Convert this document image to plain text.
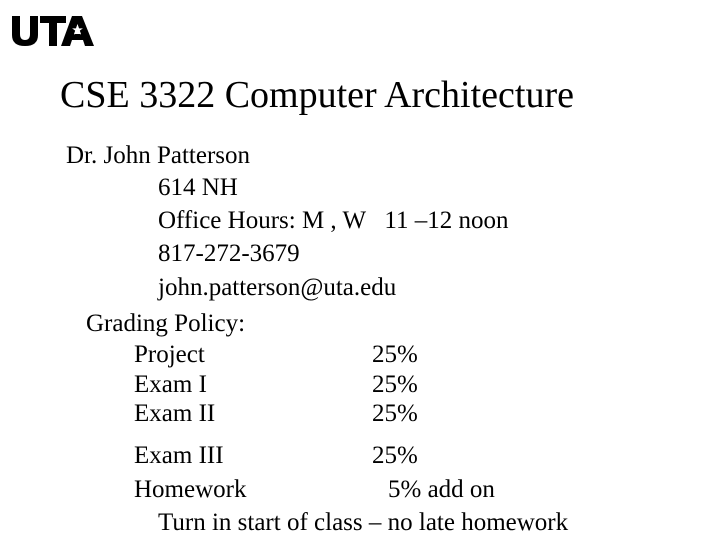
CSE 3322 Computer Architecture
Dr. John Patterson
614 NH
Office Hours: M , W   11 –12 noon
817-272-3679
john.patterson@uta.edu
Grading Policy:
Project	25%
Exam I	25%
Exam II	25%
Exam III	25%
Homework	5% add on
Turn in start of class – no late homework
